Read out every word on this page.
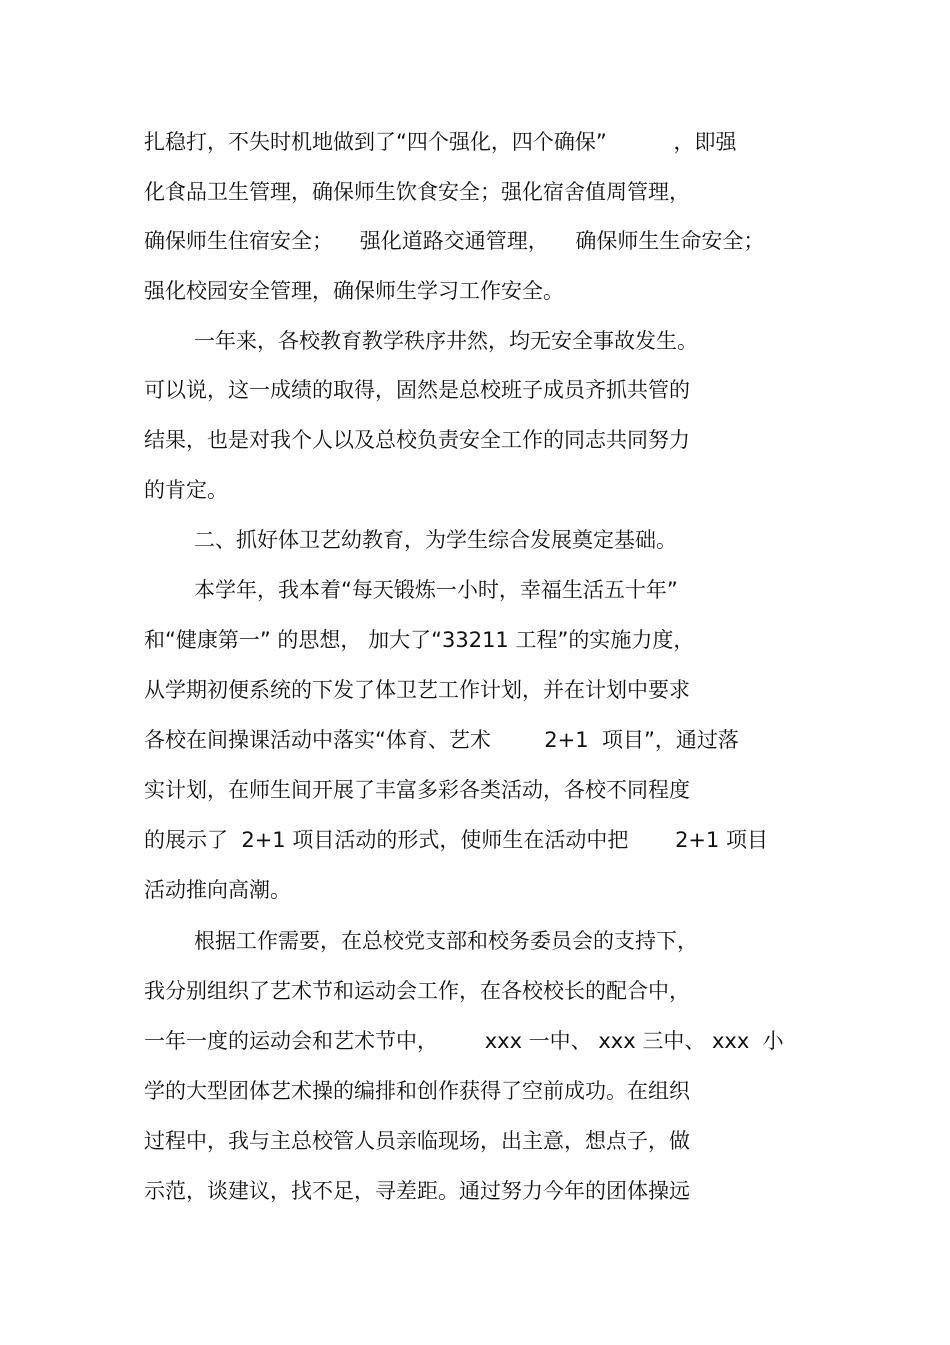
扎稳打，不失时机地做到了“四个强化，四个确保”          ，即强
化食品卫生管理，确保师生饮食安全；强化宿舍值周管理，
确保师生住宿安全；    强化道路交通管理，    确保师生生命安全；
强化校园安全管理，确保师生学习工作安全。
一年来，各校教育教学秩序井然，均无安全事故发生。
可以说，这一成绩的取得，固然是总校班子成员齐抓共管的
结果，也是对我个人以及总校负责安全工作的同志共同努力
的肯定。
二、抓好体卫艺幼教育，为学生综合发展奠定基础。
本学年，我本着“每天锻炼一小时，幸福生活五十年”
和“健康第一” 的思想， 加大了“33211 工程”的实施力度，
从学期初便系统的下发了体卫艺工作计划，并在计划中要求
各校在间操课活动中落实“体育、艺术        2+1  项目”，通过落
实计划，在师生间开展了丰富多彩各类活动，各校不同程度
的展示了  2+1 项目活动的形式，使师生在活动中把       2+1 项目
活动推向高潮。
根据工作需要，在总校党支部和校务委员会的支持下，
我分别组织了艺术节和运动会工作，在各校校长的配合中，
一年一度的运动会和艺术节中，       xxx 一中、 xxx 三中、 xxx  小
学的大型团体艺术操的编排和创作获得了空前成功。在组织
过程中，我与主总校管人员亲临现场，出主意，想点子，做
示范，谈建议，找不足，寻差距。通过努力今年的团体操远
